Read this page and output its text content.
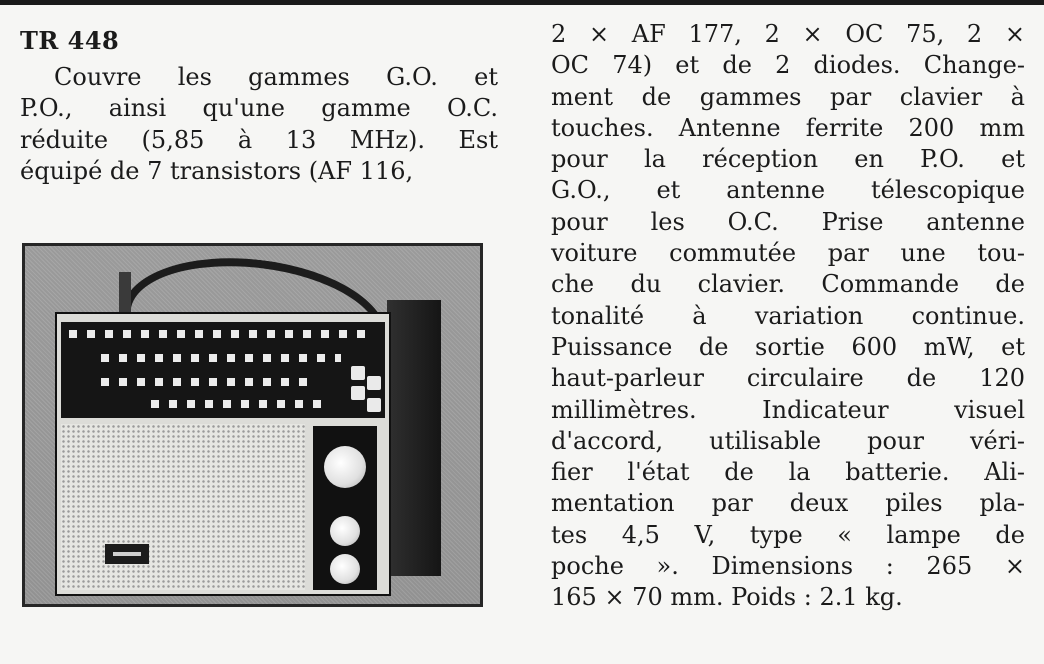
TR 448
Couvre les gammes G.O. et
P.O., ainsi qu'une gamme O.C.
réduite (5,85 à 13 MHz). Est
équipé de 7 transistors (AF 116,
2 × AF 177, 2 × OC 75, 2 ×
OC 74) et de 2 diodes. Change-
ment de gammes par clavier à
touches. Antenne ferrite 200 mm
pour la réception en P.O. et
G.O., et antenne télescopique
pour les O.C. Prise antenne
voiture commutée par une tou-
che du clavier. Commande de
tonalité à variation continue.
Puissance de sortie 600 mW, et
haut-parleur circulaire de 120
millimètres. Indicateur visuel
d'accord, utilisable pour véri-
fier l'état de la batterie. Ali-
mentation par deux piles pla-
tes 4,5 V, type « lampe de
poche ». Dimensions : 265 ×
165 × 70 mm. Poids : 2.1 kg.
